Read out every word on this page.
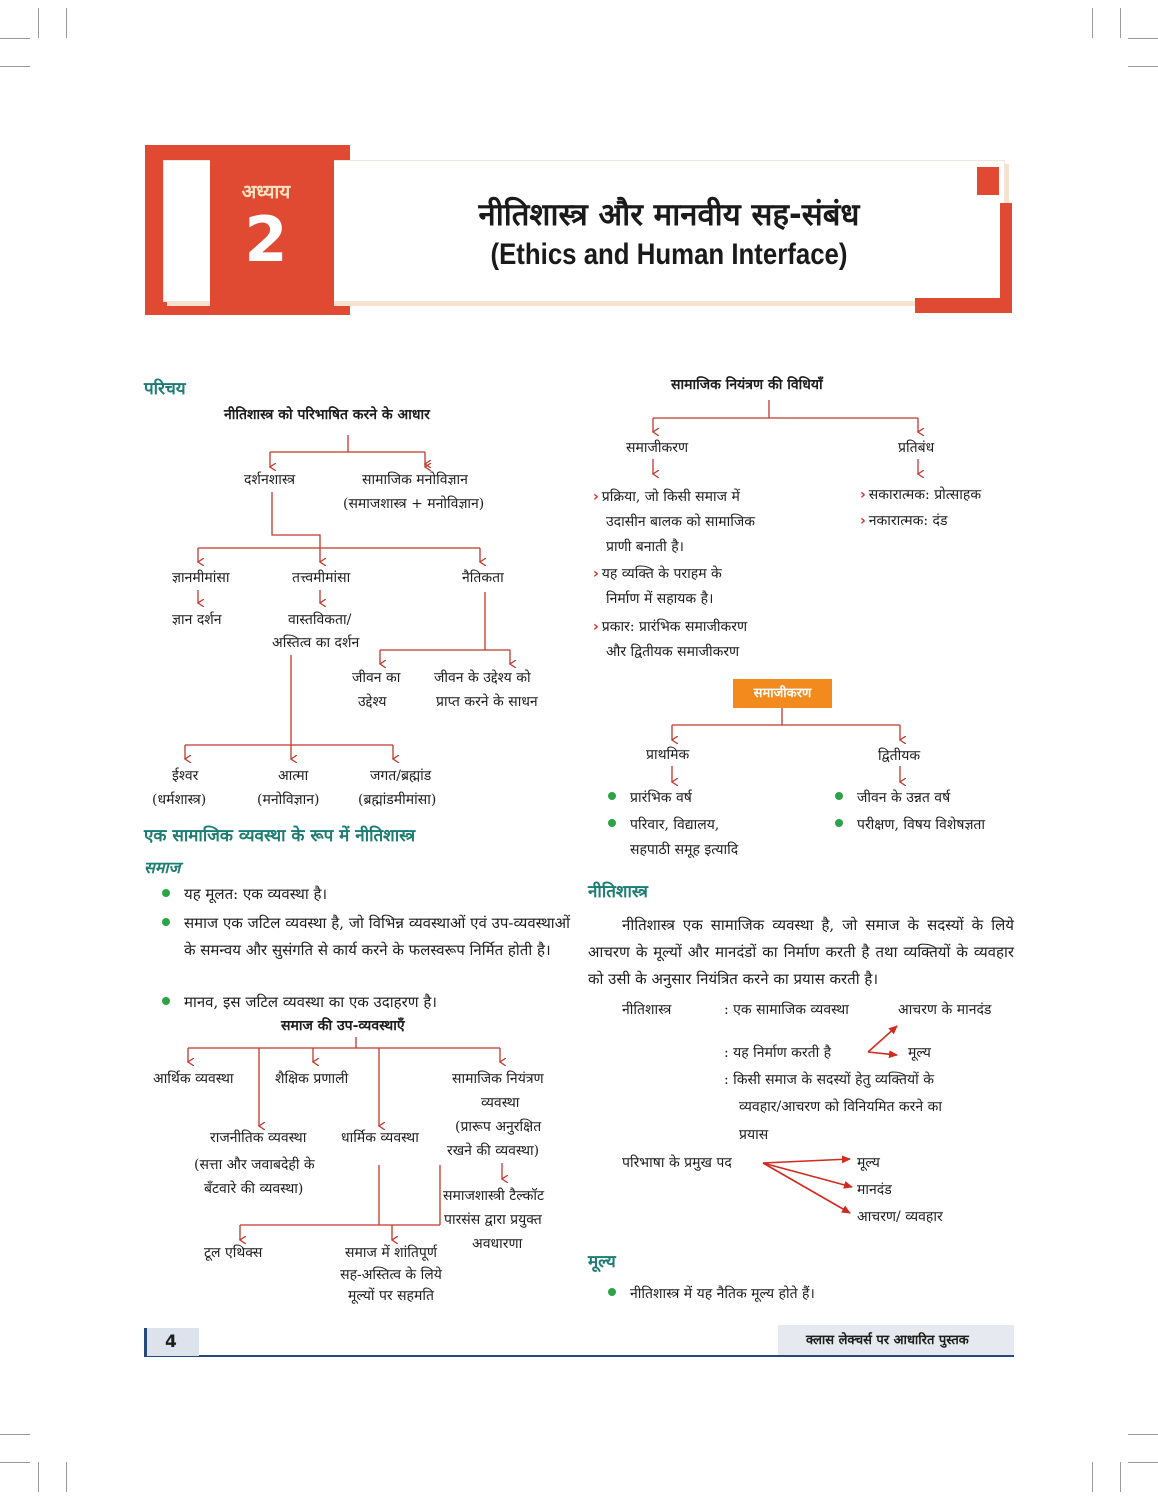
अध्याय
2	नीतिशास्त्र और मानवीय सह-संबंध
(Ethics and Human Interface)
परिचय
नीतिशास्त्र को परिभाषित करने के आधार
दर्शनशास्त्र	सामाजिक मनोविज्ञान
(समाजशास्त्र + मनोविज्ञान)
ज्ञानमीमांसा
ज्ञान दर्शन
तत्त्वमीमांसा
वास्तविकता/
अस्तित्व का दर्शन
नैतिकता
जीवन का
उद्देश्य
जीवन के उद्देश्य को
प्राप्त करने के साधन
ईश्वर
(धर्मशास्त्र)
आत्मा
(मनोविज्ञान)
जगत/ब्रह्मांड
(ब्रह्मांडमीमांसा)
एक सामाजिक व्यवस्था के रूप में नीतिशास्त्र
समाज
यह मूलत: एक व्यवस्था है।
समाज एक जटिल व्यवस्था है, जो विभिन्न व्यवस्थाओं एवं उप-व्यवस्थाओं के समन्वय और सुसंगति से कार्य करने के फलस्वरूप निर्मित होती है।
मानव, इस जटिल व्यवस्था का एक उदाहरण है।
समाज की उप-व्यवस्थाएँ
आर्थिक व्यवस्था	शैक्षिक प्रणाली	सामाजिक नियंत्रण
व्यवस्था
(प्रारूप अनुरक्षित
रखने की व्यवस्था)
राजनीतिक व्यवस्था
(सत्ता और जवाबदेही के
बँटवारे की व्यवस्था)
धार्मिक व्यवस्था
समाजशास्त्री टैल्कॉट
पारसंस द्वारा प्रयुक्त
अवधारणा
टूल एथिक्स	समाज में शांतिपूर्ण
सह-अस्तित्व के लिये
मूल्यों पर सहमति
सामाजिक नियंत्रण की विधियाँ
समाजीकरण	प्रतिबंध
› प्रक्रिया, जो किसी समाज में
उदासीन बालक को सामाजिक
प्राणी बनाती है।
› यह व्यक्ति के पराहम के
निर्माण में सहायक है।
› प्रकार: प्रारंभिक समाजीकरण
और द्वितीयक समाजीकरण
› सकारात्मक: प्रोत्साहक
› नकारात्मक: दंड
समाजीकरण
प्राथमिक	द्वितीयक
प्रारंभिक वर्ष
परिवार, विद्यालय,
सहपाठी समूह इत्यादि
जीवन के उन्नत वर्ष
परीक्षण, विषय विशेषज्ञता
नीतिशास्त्र
नीतिशास्त्र एक सामाजिक व्यवस्था है, जो समाज के सदस्यों के लिये आचरण के मूल्यों और मानदंडों का निर्माण करती है तथा व्यक्तियों के व्यवहार को उसी के अनुसार नियंत्रित करने का प्रयास करती है।
नीतिशास्त्र	: एक सामाजिक व्यवस्था	आचरण के मानदंड
: यह निर्माण करती है	मूल्य
: किसी समाज के सदस्यों हेतु व्यक्तियों के
व्यवहार/आचरण को विनियमित करने का
प्रयास
परिभाषा के प्रमुख पद	मूल्य
मानदंड
आचरण/ व्यवहार
मूल्य
नीतिशास्त्र में यह नैतिक मूल्य होते हैं।
4	क्लास लेक्चर्स पर आधारित पुस्तक
